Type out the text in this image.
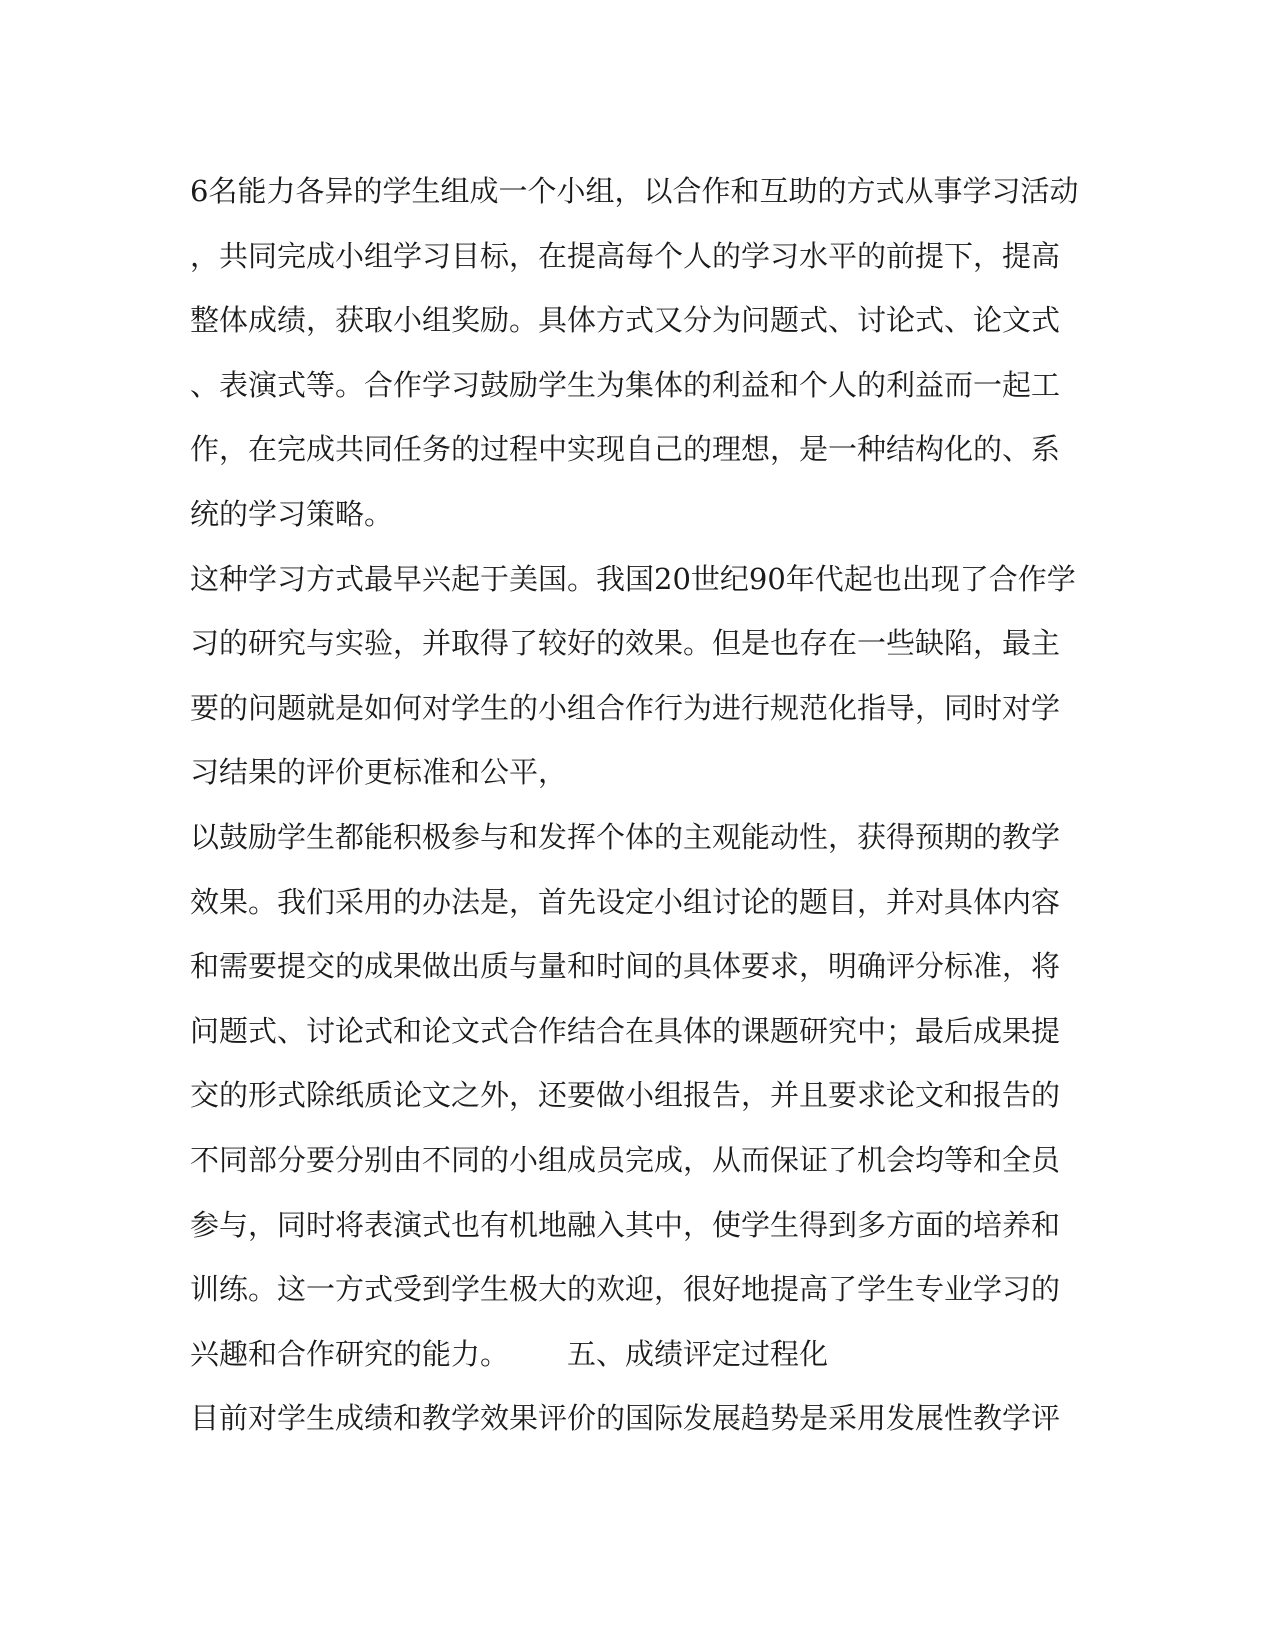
6名能力各异的学生组成一个小组，以合作和互助的方式从事学习活动
，共同完成小组学习目标，在提高每个人的学习水平的前提下，提高
整体成绩，获取小组奖励。具体方式又分为问题式、讨论式、论文式
、表演式等。合作学习鼓励学生为集体的利益和个人的利益而一起工
作，在完成共同任务的过程中实现自己的理想，是一种结构化的、系
统的学习策略。
这种学习方式最早兴起于美国。我国20世纪90年代起也出现了合作学
习的研究与实验，并取得了较好的效果。但是也存在一些缺陷，最主
要的问题就是如何对学生的小组合作行为进行规范化指导，同时对学
习结果的评价更标准和公平，
以鼓励学生都能积极参与和发挥个体的主观能动性，获得预期的教学
效果。我们采用的办法是，首先设定小组讨论的题目，并对具体内容
和需要提交的成果做出质与量和时间的具体要求，明确评分标准，将
问题式、讨论式和论文式合作结合在具体的课题研究中；最后成果提
交的形式除纸质论文之外，还要做小组报告，并且要求论文和报告的
不同部分要分别由不同的小组成员完成，从而保证了机会均等和全员
参与，同时将表演式也有机地融入其中，使学生得到多方面的培养和
训练。这一方式受到学生极大的欢迎，很好地提高了学生专业学习的
兴趣和合作研究的能力。 五、成绩评定过程化
目前对学生成绩和教学效果评价的国际发展趋势是采用发展性教学评
